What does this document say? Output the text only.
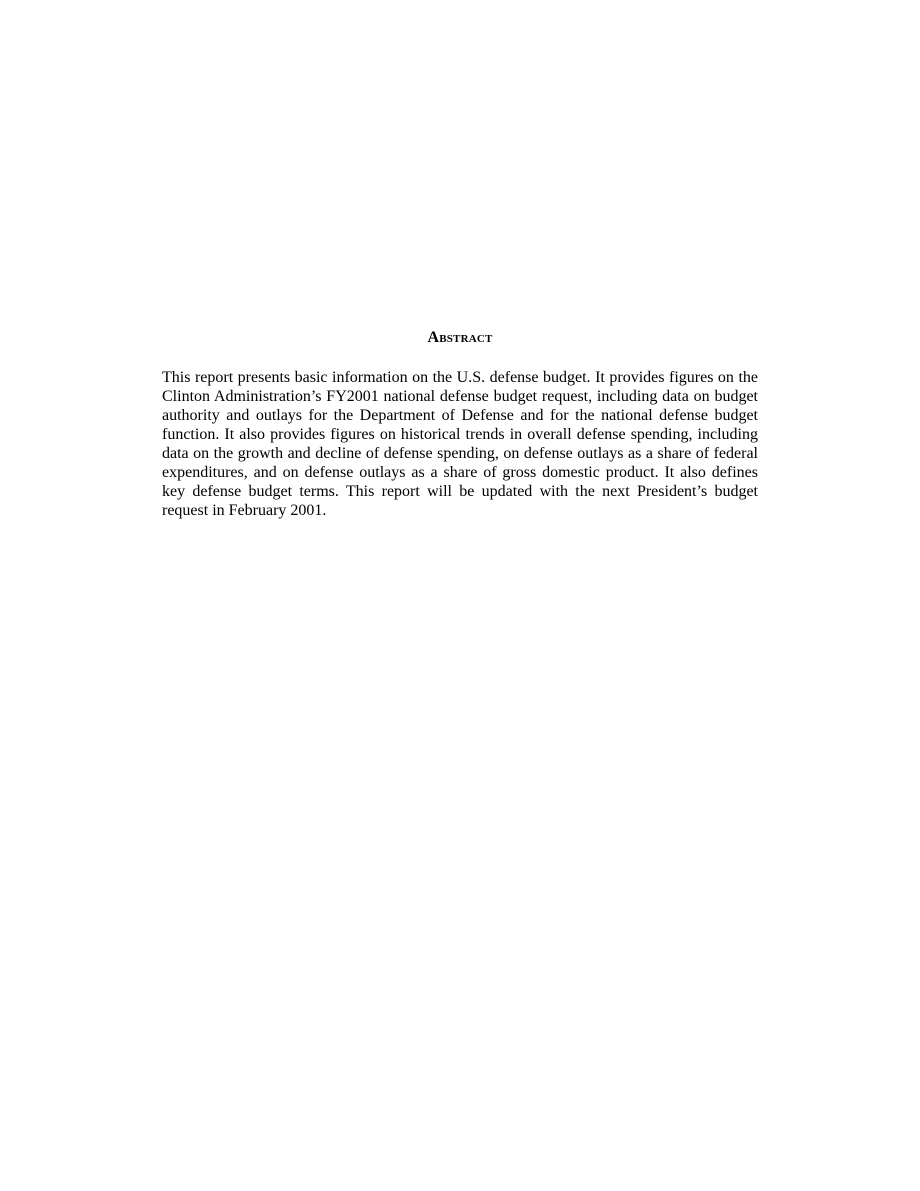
Abstract

This report presents basic information on the U.S. defense budget. It provides figures on the Clinton Administration’s FY2001 national defense budget request, including data on budget authority and outlays for the Department of Defense and for the national defense budget function. It also provides figures on historical trends in overall defense spending, including data on the growth and decline of defense spending, on defense outlays as a share of federal expenditures, and on defense outlays as a share of gross domestic product. It also defines key defense budget terms. This report will be updated with the next President’s budget request in February 2001.
